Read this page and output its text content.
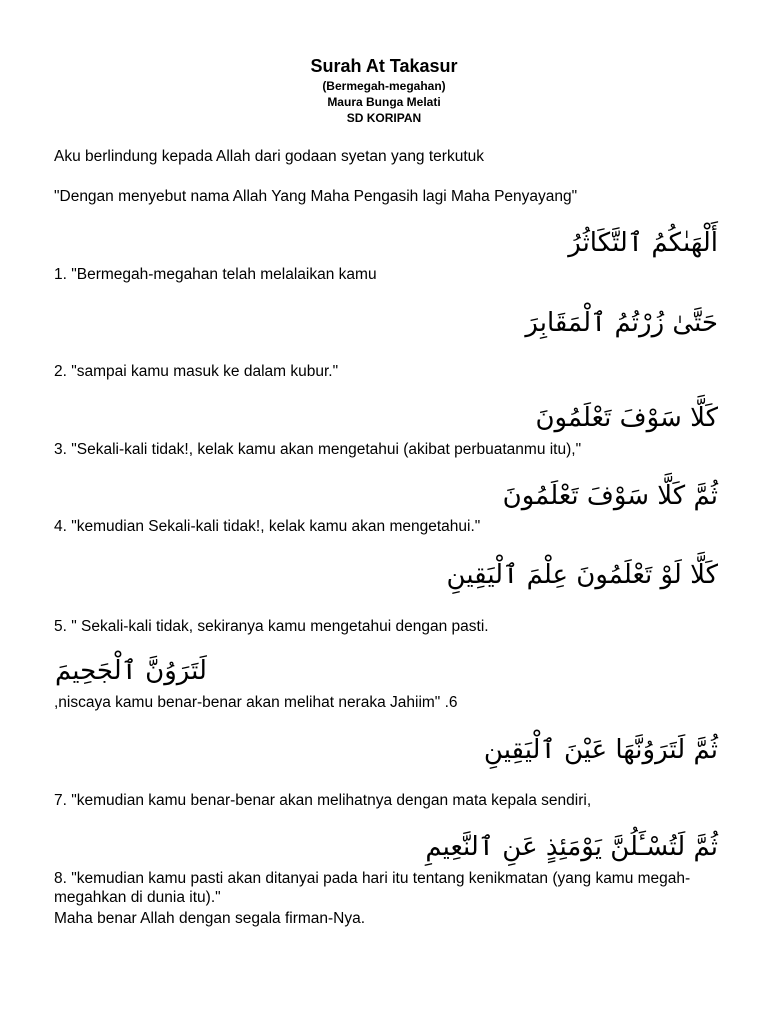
Surah At Takasur
(Bermegah-megahan)
Maura Bunga Melati
SD KORIPAN
Aku berlindung kepada Allah dari godaan syetan yang terkutuk
"Dengan menyebut nama Allah Yang Maha Pengasih lagi Maha Penyayang"
أَلْهَىٰكُمُ ٱلتَّكَاثُرُ
1. "Bermegah-megahan telah melalaikan kamu
حَتَّىٰ زُرْتُمُ ٱلْمَقَابِرَ
2. "sampai kamu masuk ke dalam kubur."
كَلَّا سَوْفَ تَعْلَمُونَ
3. "Sekali-kali tidak!, kelak kamu akan mengetahui (akibat perbuatanmu itu),"
ثُمَّ كَلَّا سَوْفَ تَعْلَمُونَ
4. "kemudian Sekali-kali tidak!, kelak kamu akan mengetahui."
كَلَّا لَوْ تَعْلَمُونَ عِلْمَ ٱلْيَقِينِ
5. " Sekali-kali tidak, sekiranya kamu mengetahui dengan pasti.
لَتَرَوُنَّ ٱلْجَحِيمَ
,niscaya kamu benar-benar akan melihat neraka Jahiim" .6
ثُمَّ لَتَرَوُنَّهَا عَيْنَ ٱلْيَقِينِ
7. "kemudian kamu benar-benar akan melihatnya dengan mata kepala sendiri,
ثُمَّ لَتُسْـَٔلُنَّ يَوْمَئِذٍ عَنِ ٱلنَّعِيمِ
8. "kemudian kamu pasti akan ditanyai pada hari itu tentang kenikmatan (yang kamu megah-megahkan di dunia itu)."
Maha benar Allah dengan segala firman-Nya.
